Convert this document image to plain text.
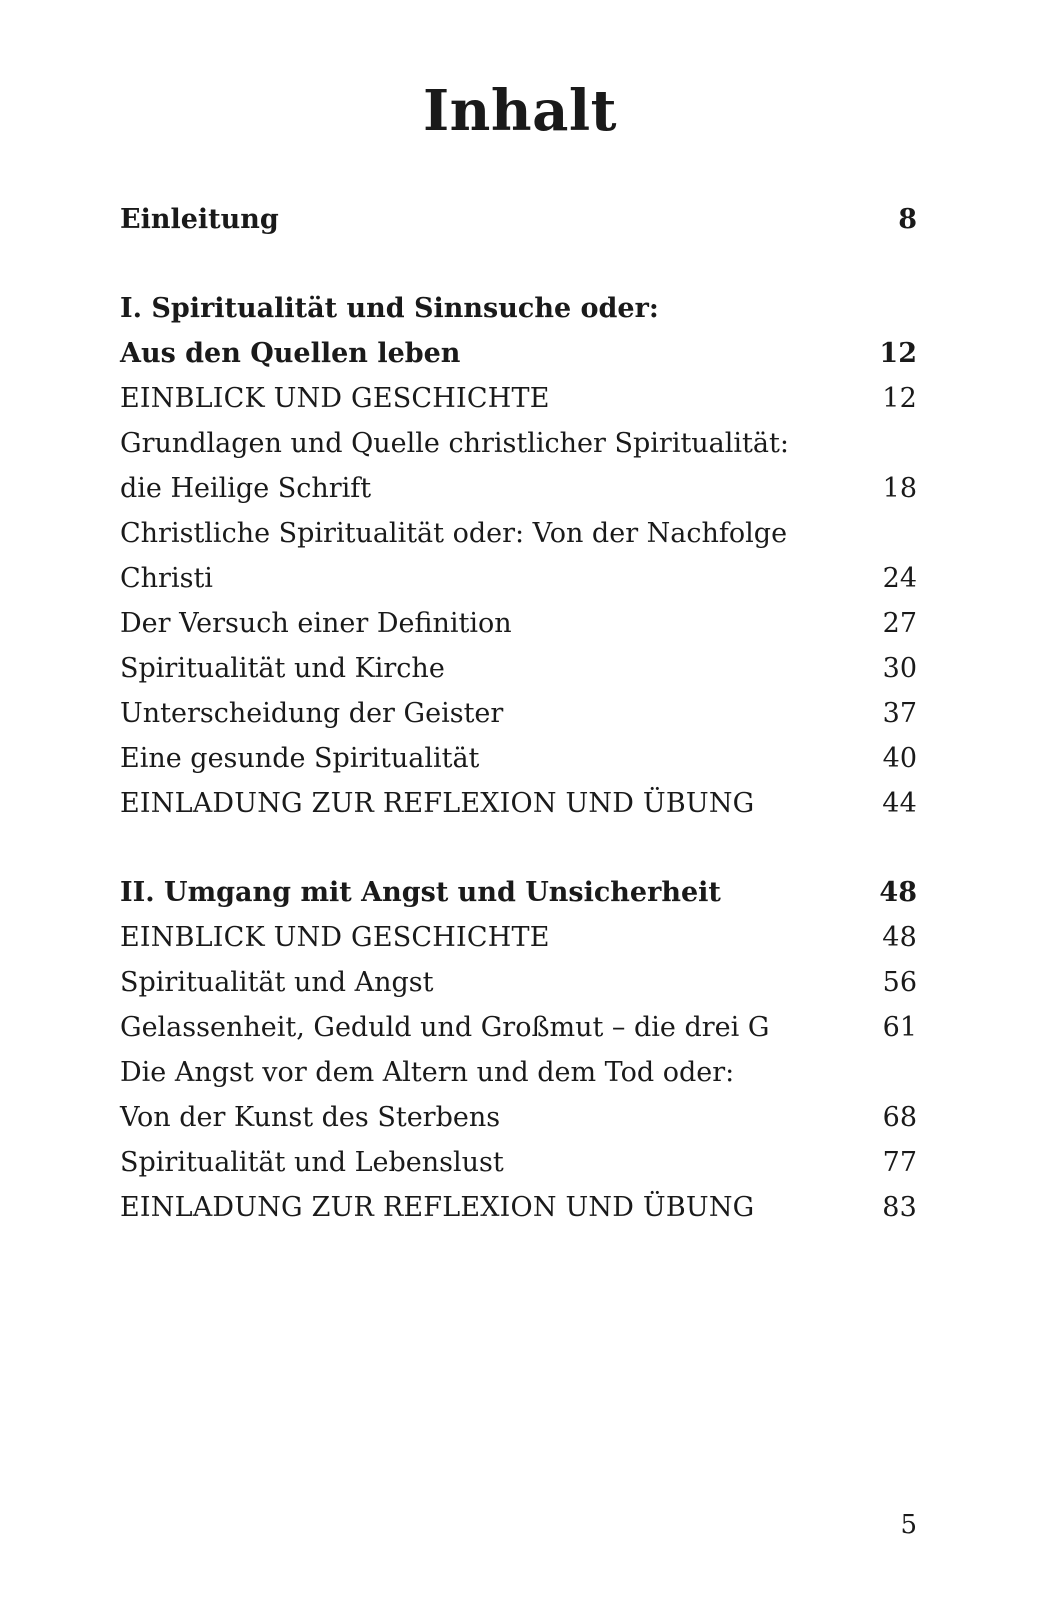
Inhalt
Einleitung	8
I. Spiritualität und Sinnsuche oder:
Aus den Quellen leben	12
EINBLICK UND GESCHICHTE	12
Grundlagen und Quelle christlicher Spiritualität:
die Heilige Schrift	18
Christliche Spiritualität oder: Von der Nachfolge
Christi	24
Der Versuch einer Definition	27
Spiritualität und Kirche	30
Unterscheidung der Geister	37
Eine gesunde Spiritualität	40
EINLADUNG ZUR REFLEXION UND ÜBUNG	44
II. Umgang mit Angst und Unsicherheit	48
EINBLICK UND GESCHICHTE	48
Spiritualität und Angst	56
Gelassenheit, Geduld und Großmut – die drei G	61
Die Angst vor dem Altern und dem Tod oder:
Von der Kunst des Sterbens	68
Spiritualität und Lebenslust	77
EINLADUNG ZUR REFLEXION UND ÜBUNG	83
5
